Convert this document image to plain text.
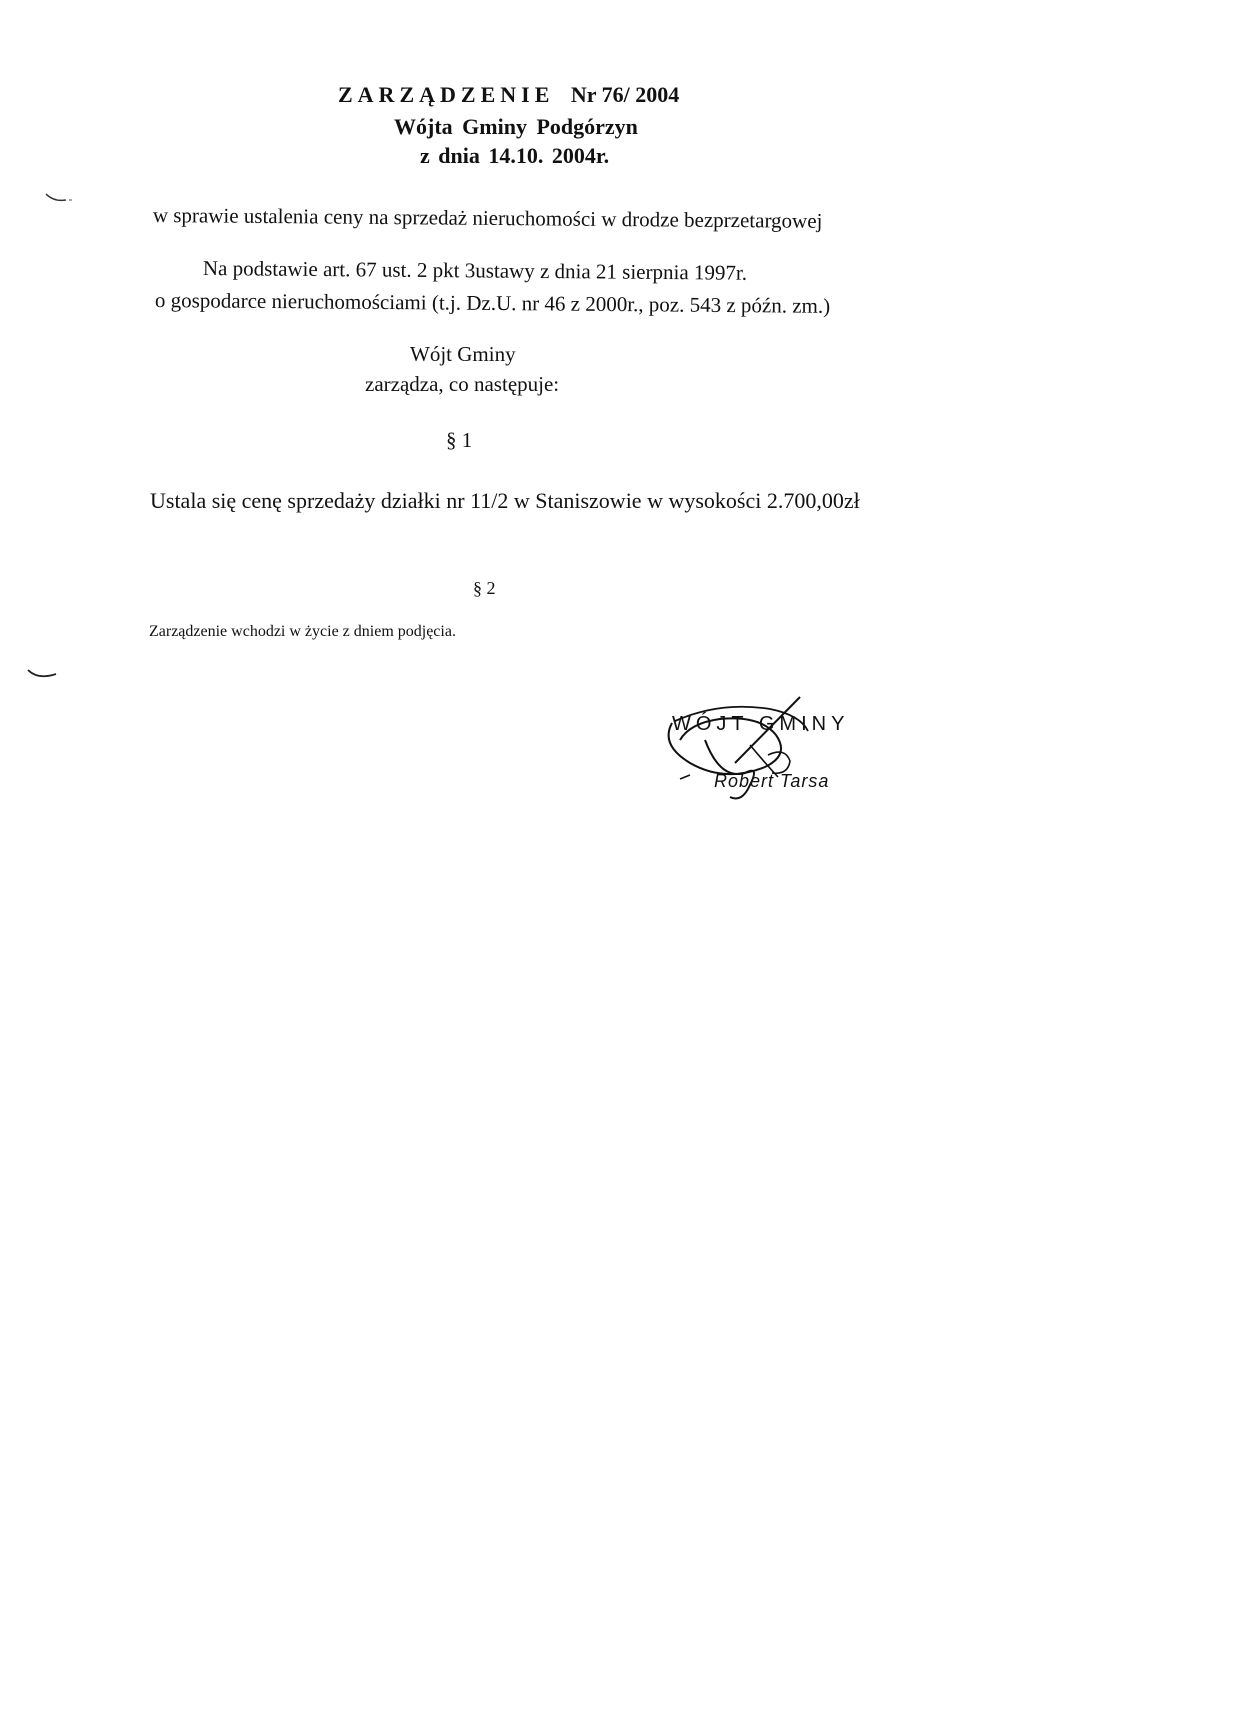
ZARZĄDZENIE Nr 76/ 2004
Wójta Gminy Podgórzyn
z dnia 14.10. 2004r.
w sprawie ustalenia ceny na sprzedaż nieruchomości w drodze bezprzetargowej
Na podstawie art. 67 ust. 2 pkt 3ustawy z dnia 21 sierpnia 1997r.
o gospodarce nieruchomościami (t.j. Dz.U. nr 46 z 2000r., poz. 543 z późn. zm.)
Wójt Gminy
zarządza, co następuje:
§ 1
Ustala się cenę sprzedaży działki nr 11/2 w Staniszowie w wysokości 2.700,00zł
§ 2
Zarządzenie wchodzi w życie z dniem podjęcia.
WÓJT GMINY
Robert Tarsa
